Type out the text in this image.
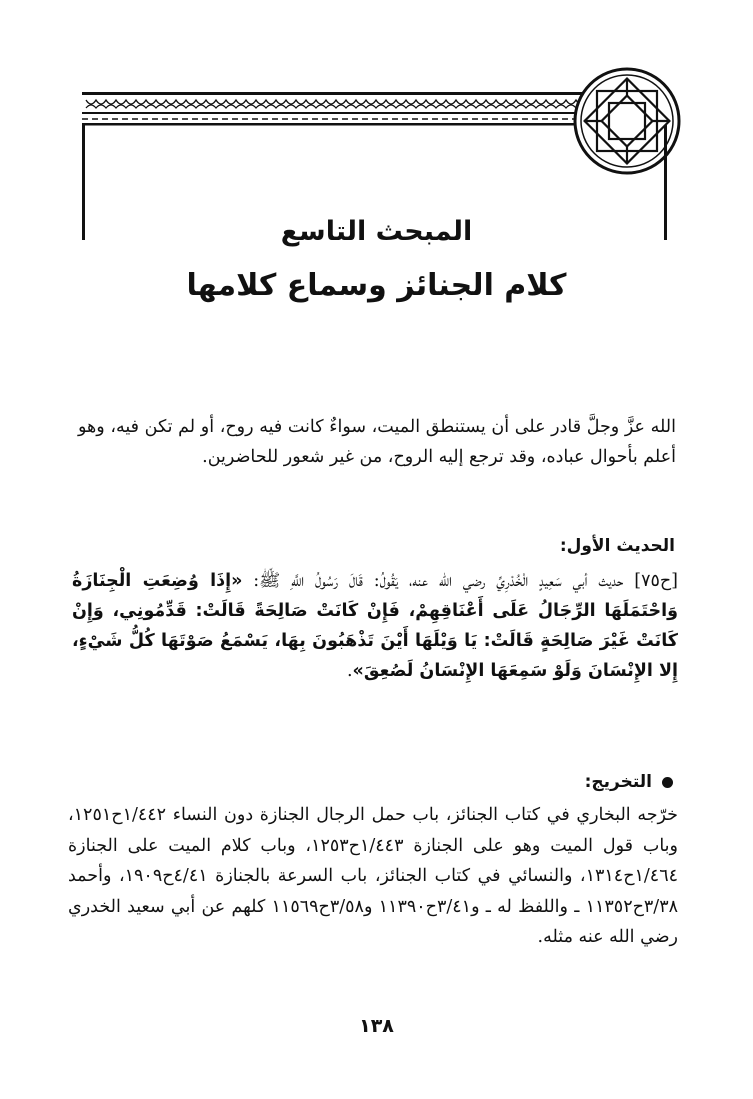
المبحث التاسع
كلام الجنائز وسماع كلامها
الله عزَّ وجلَّ قادر على أن يستنطق الميت، سواءٌ كانت فيه روح، أو لم تكن فيه، وهو أعلم بأحوال عباده، وقد ترجع إليه الروح، من غير شعور للحاضرين.
الحديث الأول:
[ح٧٥] حديث أبي سَعِيدٍ الْخُدْرِيِّ رضي الله عنه، يَقُولُ: قَالَ رَسُولُ اللَّهِ ﷺ: «إِذَا وُضِعَتِ الْجِنَازَةُ وَاحْتَمَلَهَا الرِّجَالُ عَلَى أَعْنَاقِهِمْ، فَإِنْ كَانَتْ صَالِحَةً قَالَتْ: قَدِّمُونِي، وَإِنْ كَانَتْ غَيْرَ صَالِحَةٍ قَالَتْ: يَا وَيْلَهَا أَيْنَ تَذْهَبُونَ بِهَا، يَسْمَعُ صَوْتَهَا كُلُّ شَيْءٍ، إِلا الإِنْسَانَ وَلَوْ سَمِعَهَا الإِنْسَانُ لَصُعِقَ».
التخريج:
خرّجه البخاري في كتاب الجنائز، باب حمل الرجال الجنازة دون النساء ١/٤٤٢ح١٢٥١، وباب قول الميت وهو على الجنازة ١/٤٤٣ح١٢٥٣، وباب كلام الميت على الجنازة ١/٤٦٤ح١٣١٤، والنسائي في كتاب الجنائز، باب السرعة بالجنازة ٤/٤١ح١٩٠٩، وأحمد ٣/٣٨ح١١٣٥٢ ـ واللفظ له ـ و٣/٤١ح١١٣٩٠ و٣/٥٨ح١١٥٦٩ كلهم عن أبي سعيد الخدري رضي الله عنه مثله.
١٣٨
